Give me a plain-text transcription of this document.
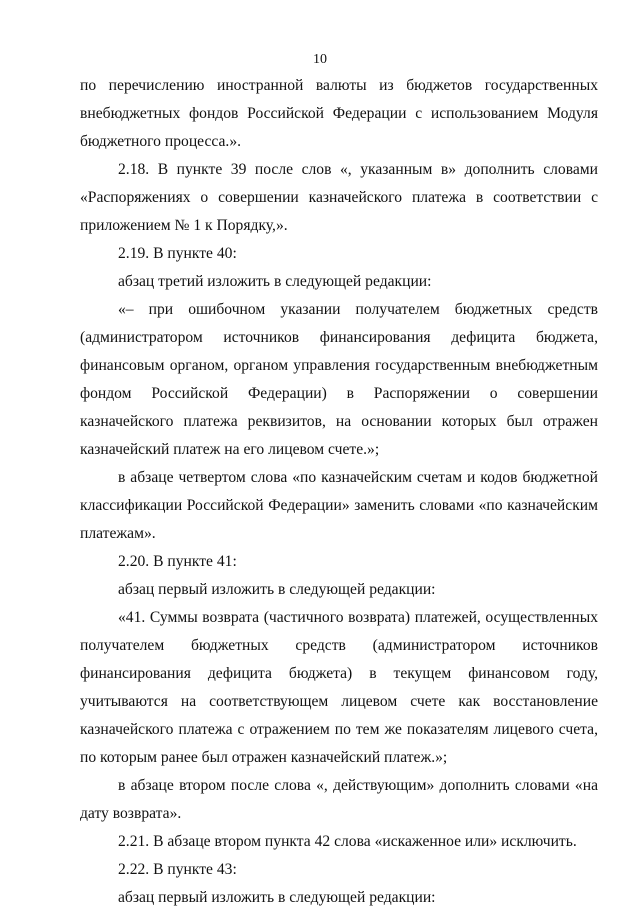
10

по перечислению иностранной валюты из бюджетов государственных внебюджетных фондов Российской Федерации с использованием Модуля бюджетного процесса.».

2.18. В пункте 39 после слов «, указанным в» дополнить словами «Распоряжениях о совершении казначейского платежа в соответствии с приложением № 1 к Порядку,».

2.19. В пункте 40:

абзац третий изложить в следующей редакции:

«– при ошибочном указании получателем бюджетных средств (администратором источников финансирования дефицита бюджета, финансовым органом, органом управления государственным внебюджетным фондом Российской Федерации) в Распоряжении о совершении казначейского платежа реквизитов, на основании которых был отражен казначейский платеж на его лицевом счете.»;

в абзаце четвертом слова «по казначейским счетам и кодов бюджетной классификации Российской Федерации» заменить словами «по казначейским платежам».

2.20. В пункте 41:

абзац первый изложить в следующей редакции:

«41. Суммы возврата (частичного возврата) платежей, осуществленных получателем бюджетных средств (администратором источников финансирования дефицита бюджета) в текущем финансовом году, учитываются на соответствующем лицевом счете как восстановление казначейского платежа с отражением по тем же показателям лицевого счета, по которым ранее был отражен казначейский платеж.»;

в абзаце втором после слова «, действующим» дополнить словами «на дату возврата».

2.21. В абзаце втором пункта 42 слова «искаженное или» исключить.

2.22. В пункте 43:

абзац первый изложить в следующей редакции:
